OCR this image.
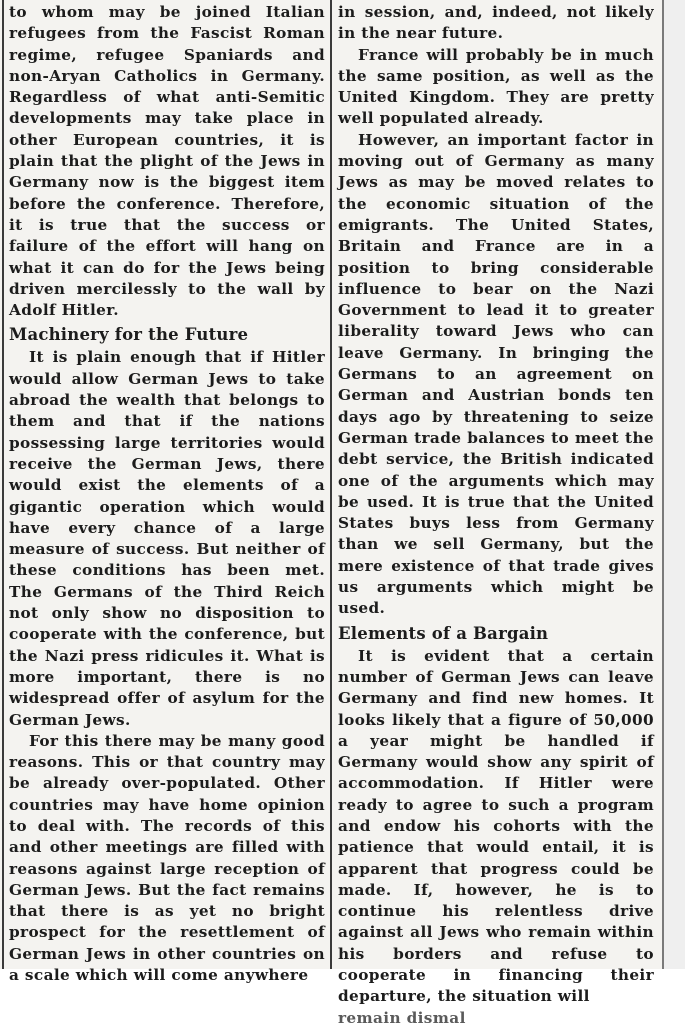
to whom may be joined Italian refugees from the Fascist Roman regime, refugee Spaniards and non-Aryan Catholics in Germany. Regardless of what anti-Semitic developments may take place in other European countries, it is plain that the plight of the Jews in Germany now is the biggest item before the conference. Therefore, it is true that the success or failure of the effort will hang on what it can do for the Jews being driven mercilessly to the wall by Adolf Hitler.

Machinery for the Future

It is plain enough that if Hitler would allow German Jews to take abroad the wealth that belongs to them and that if the nations possessing large territories would receive the German Jews, there would exist the elements of a gigantic operation which would have every chance of a large measure of success. But neither of these conditions has been met. The Germans of the Third Reich not only show no disposition to cooperate with the conference, but the Nazi press ridicules it. What is more important, there is no widespread offer of asylum for the German Jews.

For this there may be many good reasons. This or that country may be already over-populated. Other countries may have home opinion to deal with. The records of this and other meetings are filled with reasons against large reception of German Jews. But the fact remains that there is as yet no bright prospect for the resettlement of German Jews in other countries on a scale which will come anywhere

in session, and, indeed, not likely in the near future.

France will probably be in much the same position, as well as the United Kingdom. They are pretty well populated already.

However, an important factor in moving out of Germany as many Jews as may be moved relates to the economic situation of the emigrants. The United States, Britain and France are in a position to bring considerable influence to bear on the Nazi Government to lead it to greater liberality toward Jews who can leave Germany. In bringing the Germans to an agreement on German and Austrian bonds ten days ago by threatening to seize German trade balances to meet the debt service, the British indicated one of the arguments which may be used. It is true that the United States buys less from Germany than we sell Germany, but the mere existence of that trade gives us arguments which might be used.

Elements of a Bargain

It is evident that a certain number of German Jews can leave Germany and find new homes. It looks likely that a figure of 50,000 a year might be handled if Germany would show any spirit of accommodation. If Hitler were ready to agree to such a program and endow his cohorts with the patience that would entail, it is apparent that progress could be made. If, however, he is to continue his relentless drive against all Jews who remain within his borders and refuse to cooperate in financing their departure, the situation will

remain dismal
